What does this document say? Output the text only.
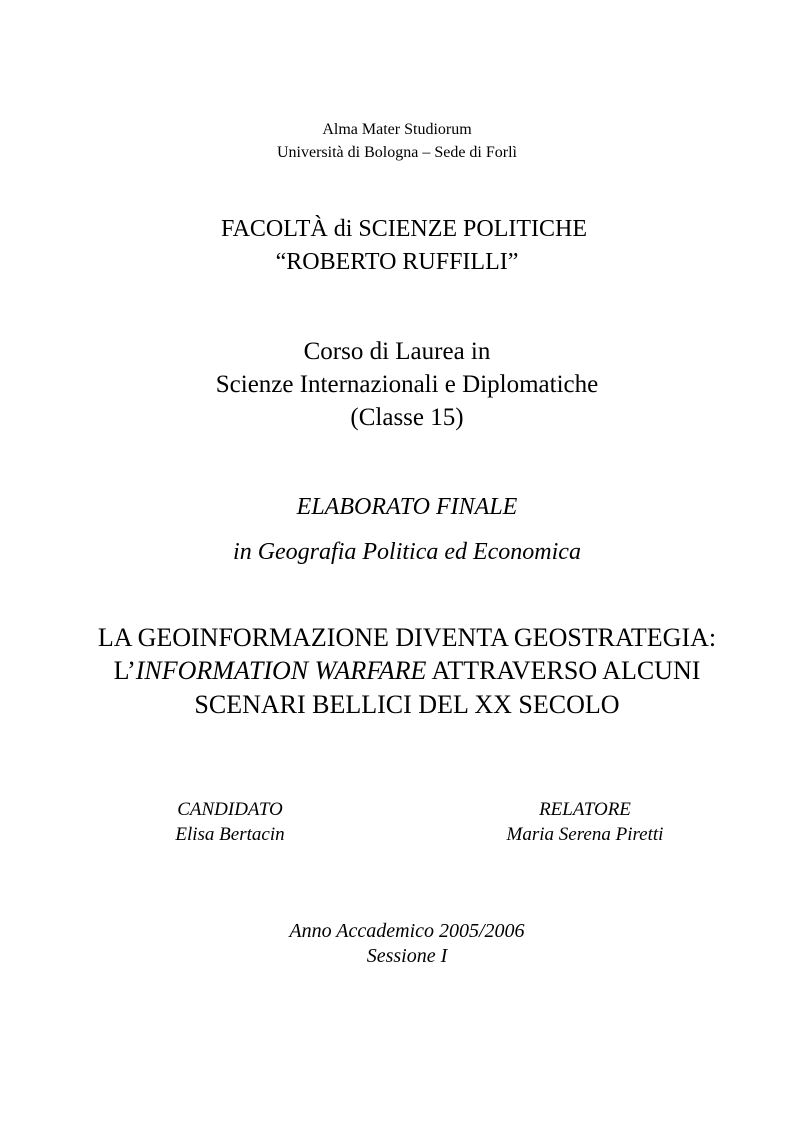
Alma Mater Studiorum
Università di Bologna – Sede di Forlì
FACOLTÀ di SCIENZE POLITICHE
“ROBERTO RUFFILLI”
Corso di Laurea in
Scienze Internazionali e Diplomatiche
(Classe 15)
ELABORATO FINALE
in Geografia Politica ed Economica
LA GEOINFORMAZIONE DIVENTA GEOSTRATEGIA:
L’INFORMATION WARFARE ATTRAVERSO ALCUNI
SCENARI BELLICI DEL XX SECOLO
CANDIDATO
Elisa Bertacin
RELATORE
Maria Serena Piretti
Anno Accademico 2005/2006
Sessione I
